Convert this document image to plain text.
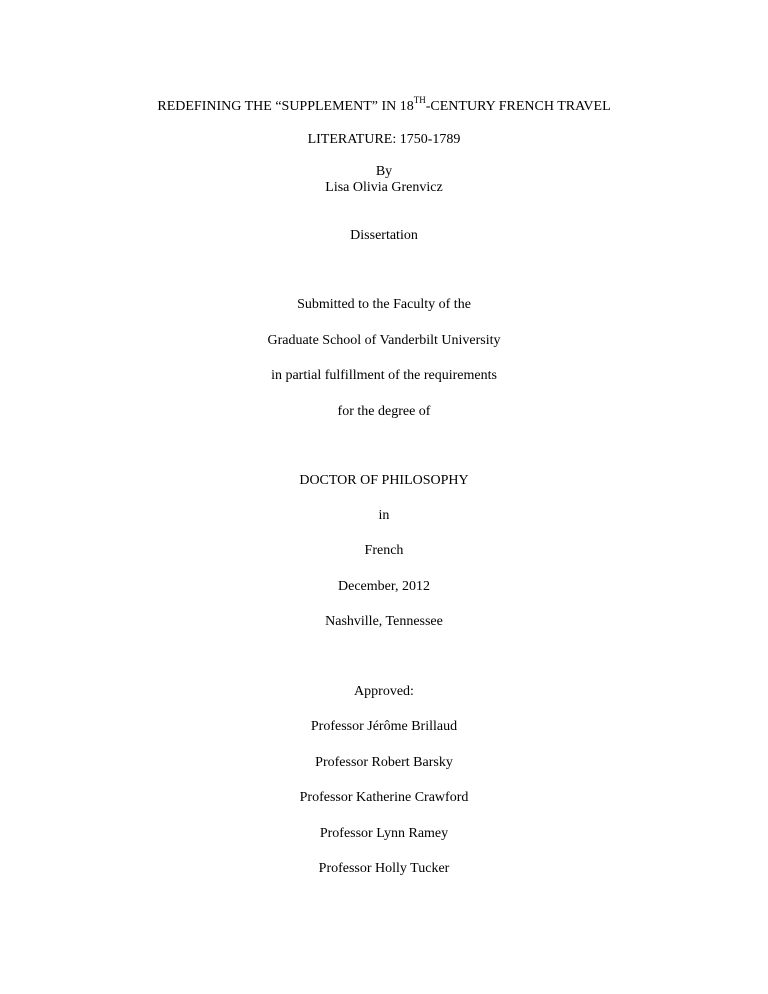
REDEFINING THE “SUPPLEMENT” IN 18TH-CENTURY FRENCH TRAVEL
LITERATURE: 1750-1789
By
Lisa Olivia Grenvicz
Dissertation
Submitted to the Faculty of the
Graduate School of Vanderbilt University
in partial fulfillment of the requirements
for the degree of
DOCTOR OF PHILOSOPHY
in
French
December, 2012
Nashville, Tennessee
Approved:
Professor Jérôme Brillaud
Professor Robert Barsky
Professor Katherine Crawford
Professor Lynn Ramey
Professor Holly Tucker
